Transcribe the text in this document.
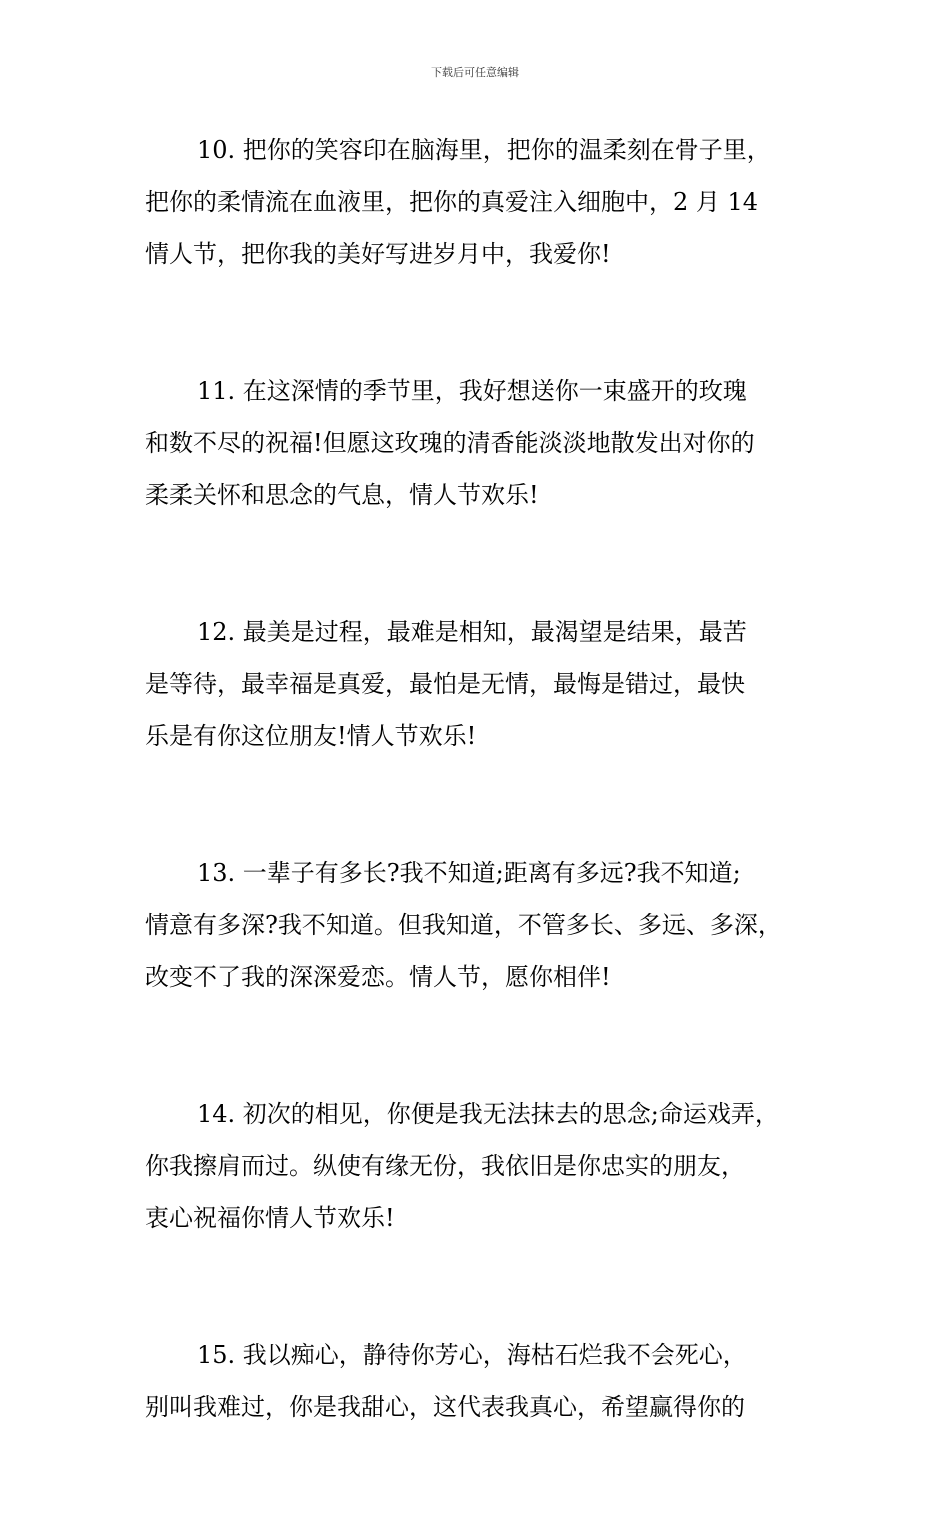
下载后可任意编辑

10. 把你的笑容印在脑海里，把你的温柔刻在骨子里，
把你的柔情流在血液里，把你的真爱注入细胞中，2 月 14
情人节，把你我的美好写进岁月中，我爱你!

11. 在这深情的季节里，我好想送你一束盛开的玫瑰
和数不尽的祝福!但愿这玫瑰的清香能淡淡地散发出对你的
柔柔关怀和思念的气息，情人节欢乐!

12. 最美是过程，最难是相知，最渴望是结果，最苦
是等待，最幸福是真爱，最怕是无情，最悔是错过，最快
乐是有你这位朋友!情人节欢乐!

13. 一辈子有多长?我不知道;距离有多远?我不知道;
情意有多深?我不知道。但我知道，不管多长、多远、多深，
改变不了我的深深爱恋。情人节，愿你相伴!

14. 初次的相见，你便是我无法抹去的思念;命运戏弄，
你我擦肩而过。纵使有缘无份，我依旧是你忠实的朋友，
衷心祝福你情人节欢乐!

15. 我以痴心，静待你芳心，海枯石烂我不会死心，
别叫我难过，你是我甜心，这代表我真心，希望赢得你的
